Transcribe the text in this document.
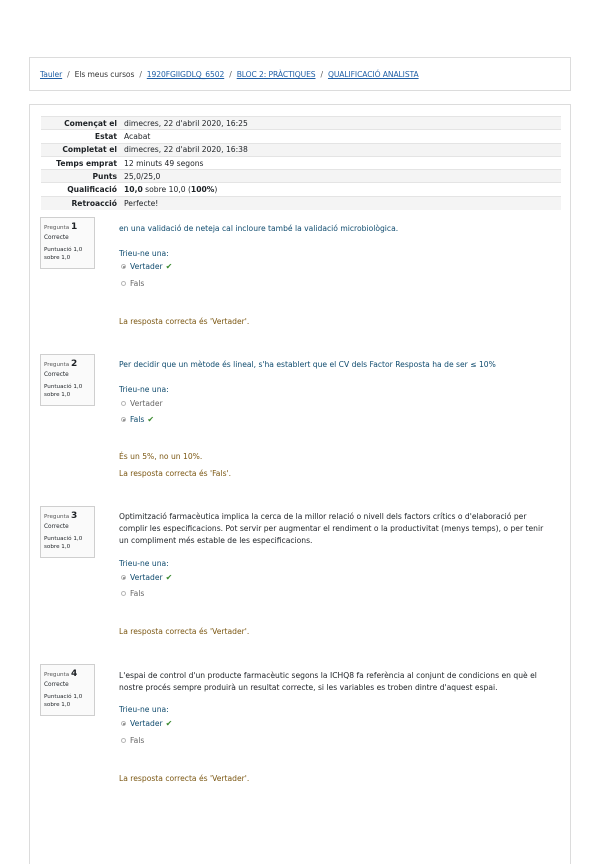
Tauler / Els meus cursos / 1920FGIIGDLQ_6502 / BLOC 2: PRÀCTIQUES / QUALIFICACIÓ ANALISTA
Començat el	dimecres, 22 d'abril 2020, 16:25
Estat	Acabat
Completat el	dimecres, 22 d'abril 2020, 16:38
Temps emprat	12 minuts 49 segons
Punts	25,0/25,0
Qualificació	10,0 sobre 10,0 (100%)
Retroacció	Perfecte!
Pregunta 1
Correcte
Puntuació 1,0 sobre 1,0
en una validació de neteja cal incloure també la validació microbiològica.
Trieu-ne una:
Vertader ✔
Fals
La resposta correcta és 'Vertader'.
Pregunta 2
Correcte
Puntuació 1,0 sobre 1,0
Per decidir que un mètode és lineal, s'ha establert que el CV dels Factor Resposta ha de ser ≤ 10%
Trieu-ne una:
Vertader
Fals ✔
És un 5%, no un 10%.
La resposta correcta és 'Fals'.
Pregunta 3
Correcte
Puntuació 1,0 sobre 1,0
Optimització farmacèutica implica la cerca de la millor relació o nivell dels factors crítics o d'elaboració per complir les especificacions. Pot servir per augmentar el rendiment o la productivitat (menys temps), o per tenir un compliment més estable de les especificacions.
Trieu-ne una:
Vertader ✔
Fals
La resposta correcta és 'Vertader'.
Pregunta 4
Correcte
Puntuació 1,0 sobre 1,0
L'espai de control d'un producte farmacèutic segons la ICHQ8 fa referència al conjunt de condicions en què el nostre procés sempre produirà un resultat correcte, si les variables es troben dintre d'aquest espai.
Trieu-ne una:
Vertader ✔
Fals
La resposta correcta és 'Vertader'.
